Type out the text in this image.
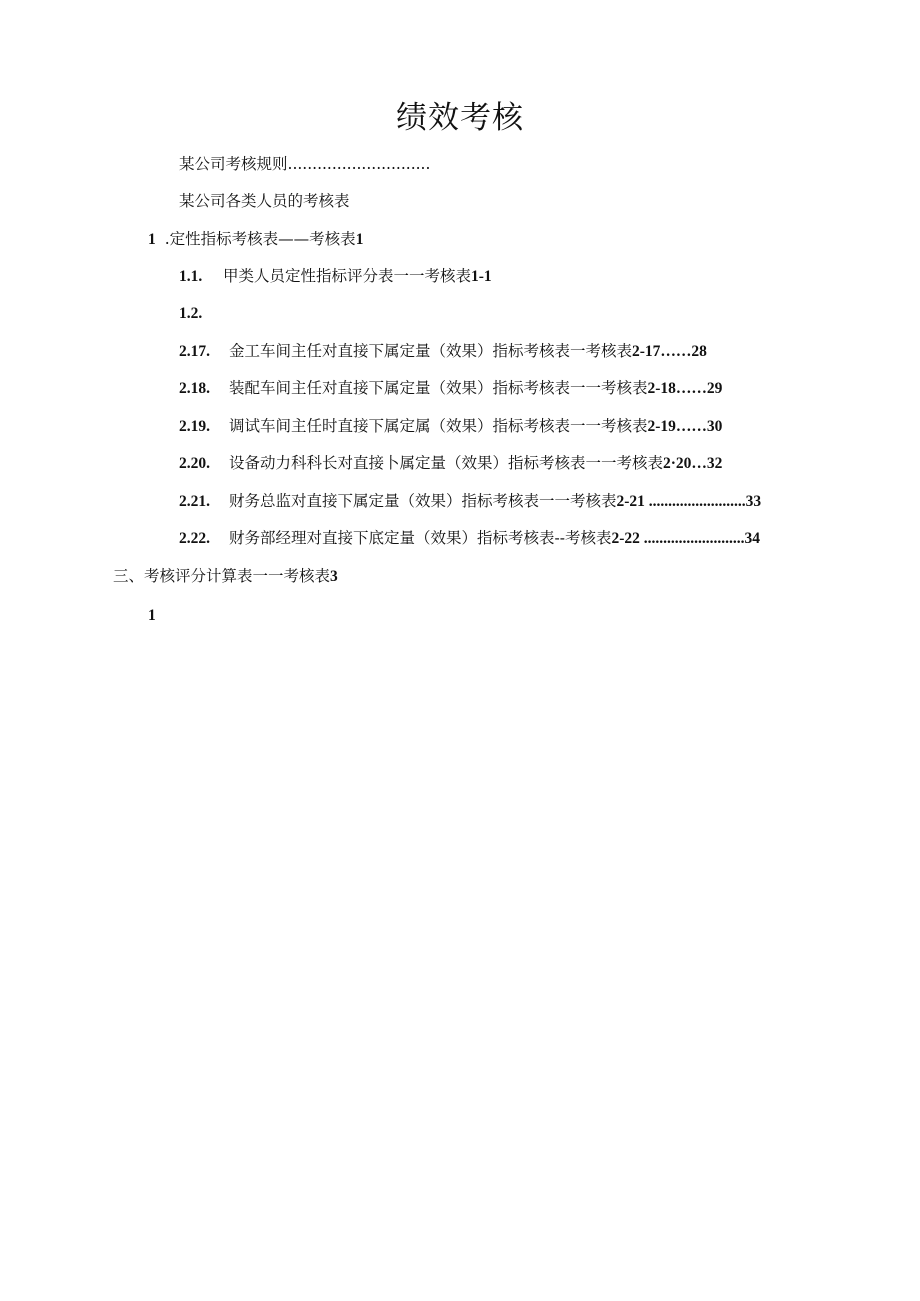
绩效考核
某公司考核规则.............................
某公司各类人员的考核表
1 .定性指标考核表——考核表1
1.1. 甲类人员定性指标评分表一一考核表1-1
1.2.
2.17. 金工车间主任对直接下属定量（效果）指标考核表一考核表2-17……28
2.18. 装配车间主任对直接下属定量（效果）指标考核表一一考核表2-18……29
2.19. 调试车间主任时直接下属定属（效果）指标考核表一一考核表2-19……30
2.20. 设备动力科科长对直接卜属定量（效果）指标考核表一一考核表2·20…32
2.21. 财务总监对直接下属定量（效果）指标考核表一一考核表2-21 .........................33
2.22. 财务部经理对直接下底定量（效果）指标考核表--考核表2-22 ..........................34
三、考核评分计算表一一考核表3
1
